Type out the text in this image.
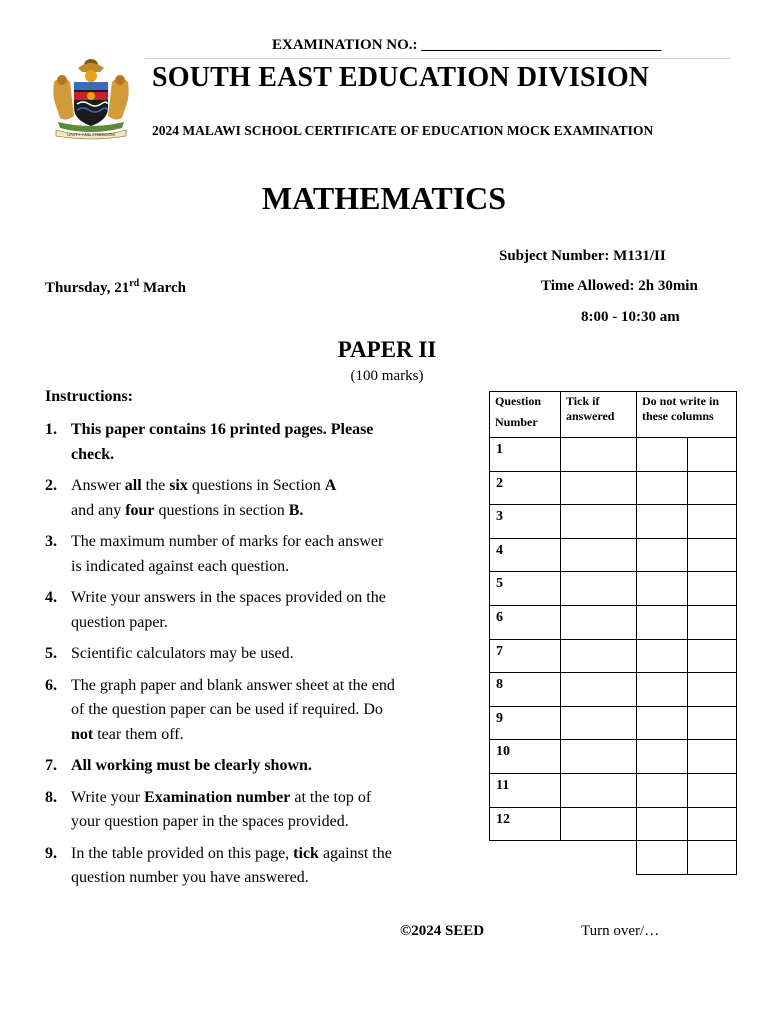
EXAMINATION NO.: ________________________________
UNITY AND FREEDOM
SOUTH EAST EDUCATION DIVISION
2024 MALAWI SCHOOL CERTIFICATE OF EDUCATION MOCK EXAMINATION
MATHEMATICS
Subject Number: M131/II
Thursday, 21rd March	Time Allowed: 2h 30min
8:00 - 10:30 am
PAPER II
(100 marks)
Instructions:
1. This paper contains 16 printed pages. Please check.
2. Answer all the six questions in Section A
and any four questions in section B.
3. The maximum number of marks for each answer is indicated against each question.
4. Write your answers in the spaces provided on the question paper.
5. Scientific calculators may be used.
6. The graph paper and blank answer sheet at the end of the question paper can be used if required. Do not tear them off.
7. All working must be clearly shown.
8. Write your Examination number at the top of your question paper in the spaces provided.
9. In the table provided on this page, tick against the question number you have answered.
Question
Number
Tick if answered
Do not write in these columns
1
2
3
4
5
6
7
8
9
10
11
12
©2024 SEED	Turn over/…
